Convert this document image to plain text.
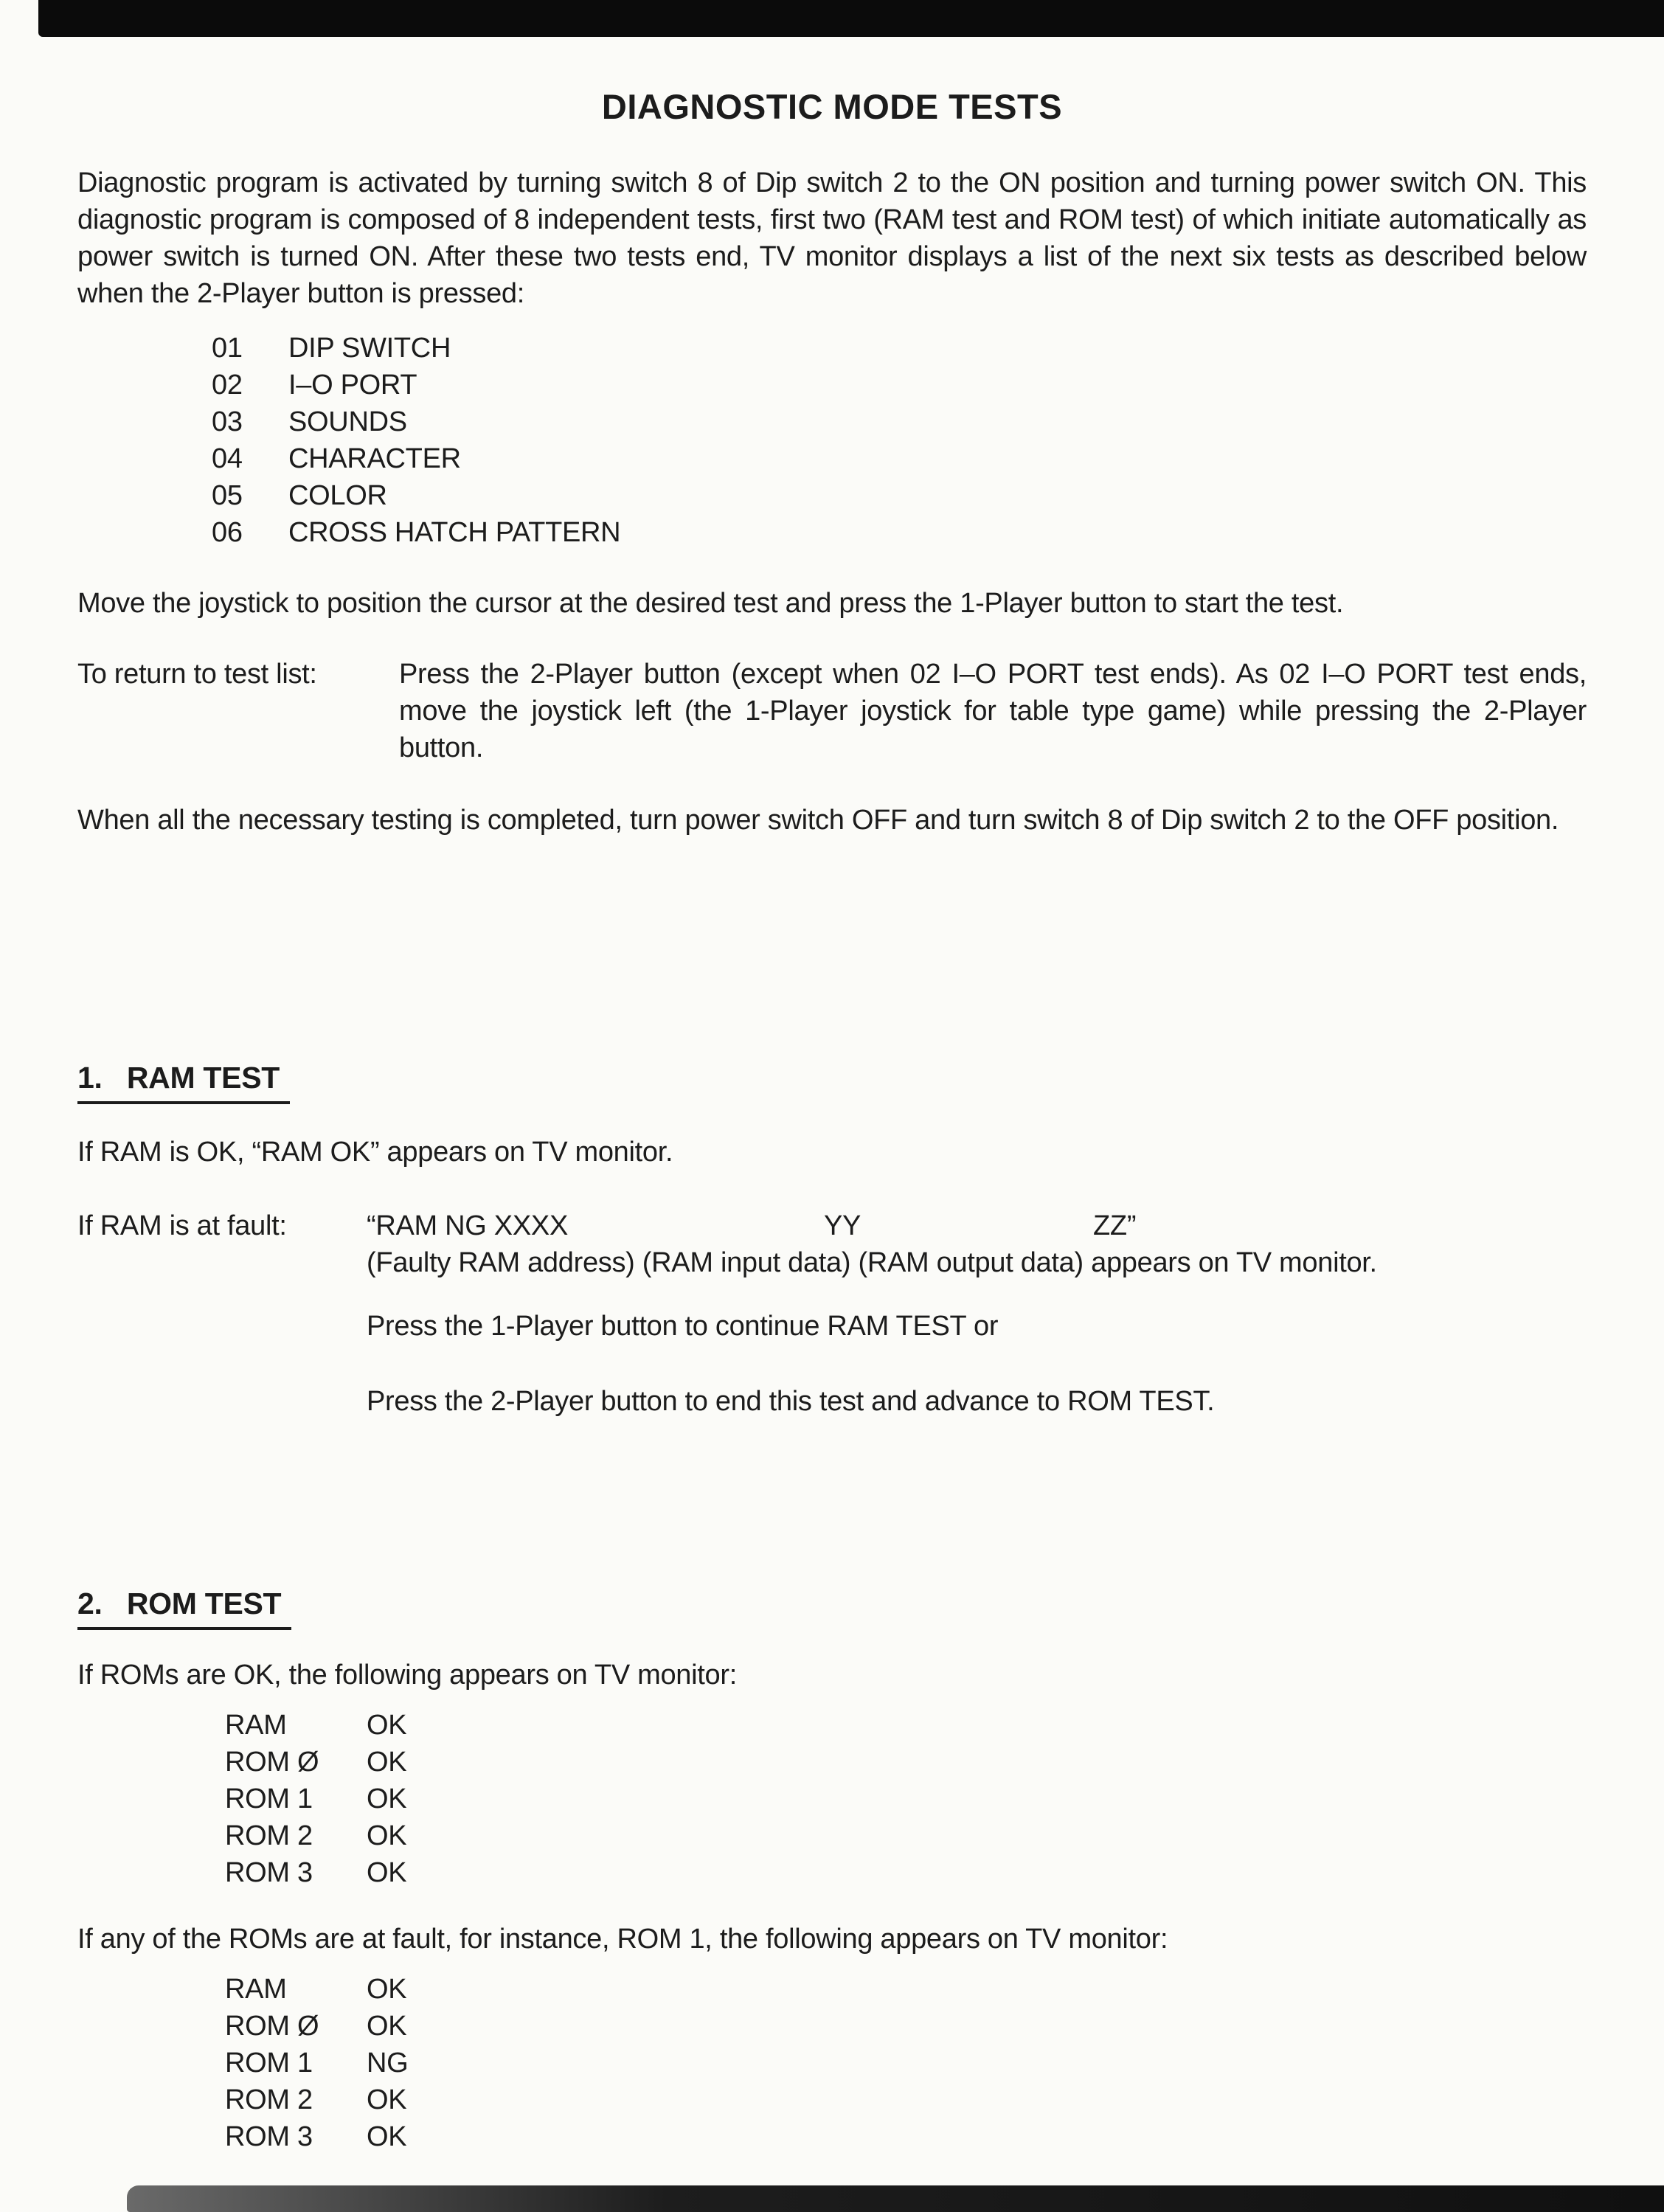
DIAGNOSTIC MODE TESTS

Diagnostic program is activated by turning switch 8 of Dip switch 2 to the ON position and turning power switch ON. This diagnostic program is composed of 8 independent tests, first two (RAM test and ROM test) of which initiate automatically as power switch is turned ON. After these two tests end, TV monitor displays a list of the next six tests as described below when the 2-Player button is pressed:

01	DIP SWITCH
02	I–O PORT
03	SOUNDS
04	CHARACTER
05	COLOR
06	CROSS HATCH PATTERN

Move the joystick to position the cursor at the desired test and press the 1-Player button to start the test.

To return to test list:	Press the 2-Player button (except when 02 I–O PORT test ends). As 02 I–O PORT test ends, move the joystick left (the 1-Player joystick for table type game) while pressing the 2-Player button.

When all the necessary testing is completed, turn power switch OFF and turn switch 8 of Dip switch 2 to the OFF position.

1.   RAM TEST

If RAM is OK, “RAM OK” appears on TV monitor.

If RAM is at fault:	“RAM NG XXXX	YY	ZZ”
(Faulty RAM address) (RAM input data) (RAM output data) appears on TV monitor.
Press the 1-Player button to continue RAM TEST or
Press the 2-Player button to end this test and advance to ROM TEST.
2.   ROM TEST

If ROMs are OK, the following appears on TV monitor:

RAM	OK
ROM Ø	OK
ROM 1	OK
ROM 2	OK
ROM 3	OK

If any of the ROMs are at fault, for instance, ROM 1, the following appears on TV monitor:

RAM	OK
ROM Ø	OK
ROM 1	NG
ROM 2	OK
ROM 3	OK
